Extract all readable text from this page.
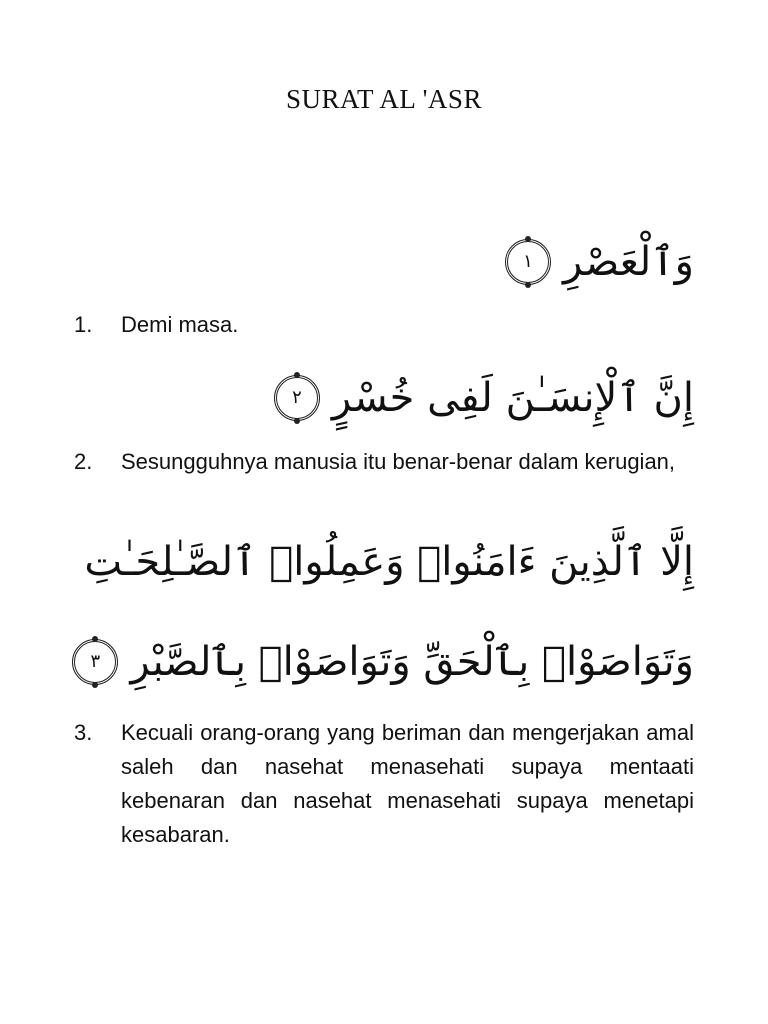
SURAT AL 'ASR
وَٱلْعَصْرِ
١
1.	Demi masa.
إِنَّ ٱلْإِنسَـٰنَ لَفِى خُسْرٍ
٢
2.	Sesungguhnya manusia itu benar-benar dalam kerugian,
إِلَّا ٱلَّذِينَ ءَامَنُوا۟ وَعَمِلُوا۟ ٱلصَّـٰلِحَـٰتِ
وَتَوَاصَوْا۟ بِٱلْحَقِّ وَتَوَاصَوْا۟ بِٱلصَّبْرِ
٣
3.	Kecuali orang-orang yang beriman dan mengerjakan amal saleh dan nasehat menasehati supaya mentaati kebenaran dan nasehat menasehati supaya menetapi kesabaran.
